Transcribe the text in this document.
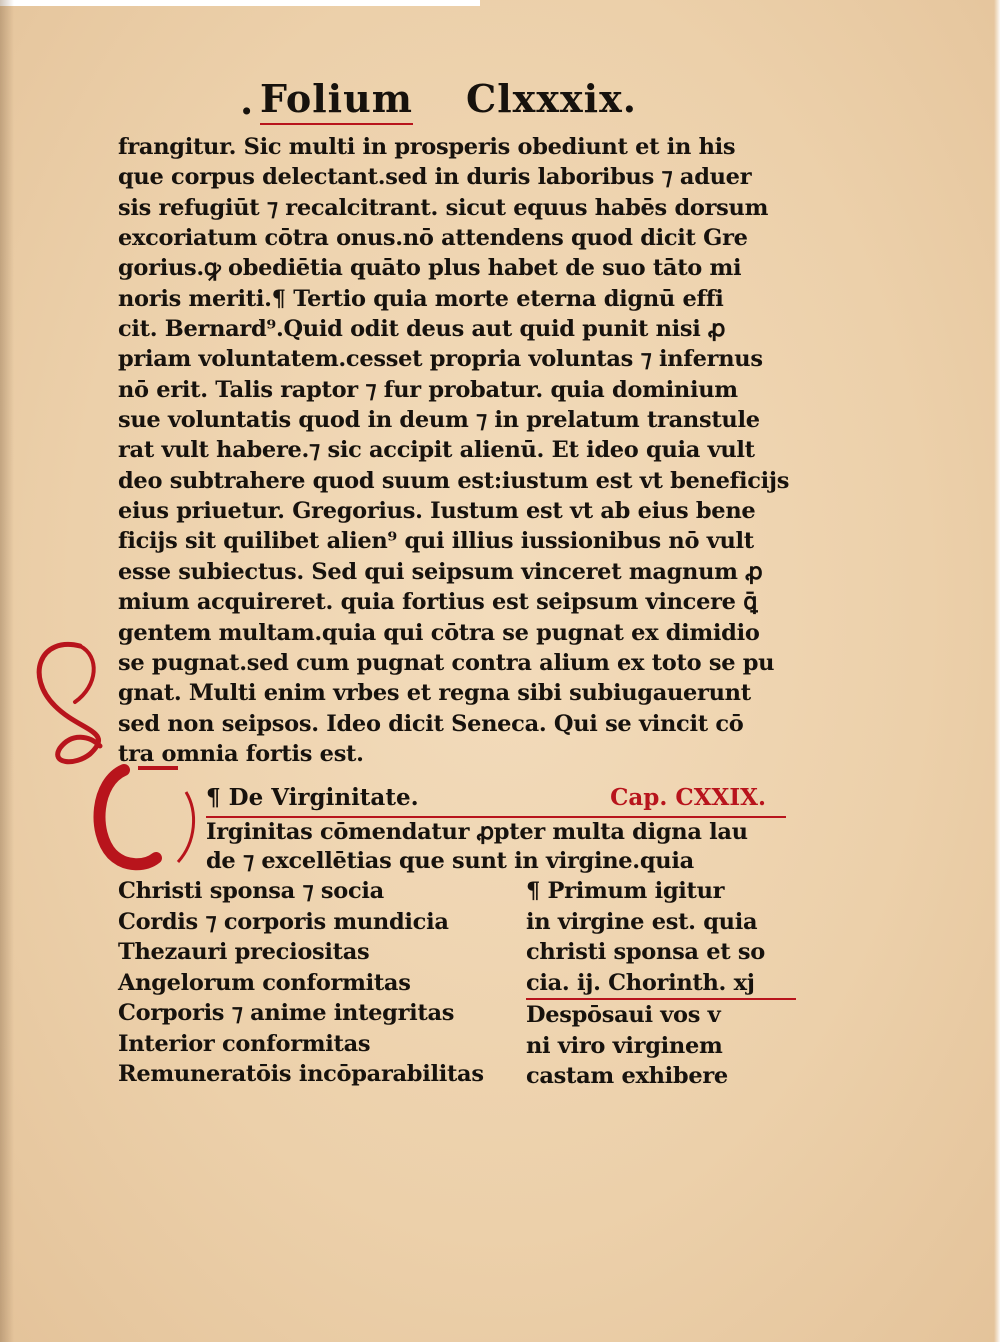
. Folium Clxxxix.
frangitur. Sic multi in prosperis obediunt et in his
que corpus delectant.sed in duris laboribus ⁊ aduer
sis refugiūt ⁊ recalcitrant. sicut equus habēs dorsum
excoriatum cōtra onus.nō attendens quod dicit Gre
gorius.ꝙ obediētia quāto plus habet de suo tāto mi
noris meriti.¶ Tertio quia morte eterna dignū effi
cit. Bernard⁹.Quid odit deus aut quid punit nisi ꝓ
priam voluntatem.cesset propria voluntas ⁊ infernus
nō erit. Talis raptor ⁊ fur probatur. quia dominium
sue voluntatis quod in deum ⁊ in prelatum transtule
rat vult habere.⁊ sic accipit alienū. Et ideo quia vult
deo subtrahere quod suum est:iustum est vt beneficijs
eius priuetur. Gregorius. Iustum est vt ab eius bene
ficijs sit quilibet alien⁹ qui illius iussionibus nō vult
esse subiectus. Sed qui seipsum vinceret magnum ꝓ
mium acquireret. quia fortius est seipsum vincere ꝗ̄
gentem multam.quia qui cōtra se pugnat ex dimidio
se pugnat.sed cum pugnat contra alium ex toto se pu
gnat. Multi enim vrbes et regna sibi subiugauerunt
sed non seipsos. Ideo dicit Seneca. Qui se vincit cō
tra omnia fortis est.
¶ De Virginitate.	Cap. CXXIX.
Irginitas cōmendatur ꝓpter multa digna lau
de ⁊ excellētias que sunt in virgine.quia
Christi sponsa ⁊ socia
Cordis ⁊ corporis mundicia
Thezauri preciositas
Angelorum conformitas
Corporis ⁊ anime integritas
Interior conformitas
Remuneratōis incōparabilitas
¶ Primum igitur
in virgine est. quia
christi sponsa et so
cia. ij. Chorinth. xj
Despōsaui vos v
ni viro virginem
castam exhibere
